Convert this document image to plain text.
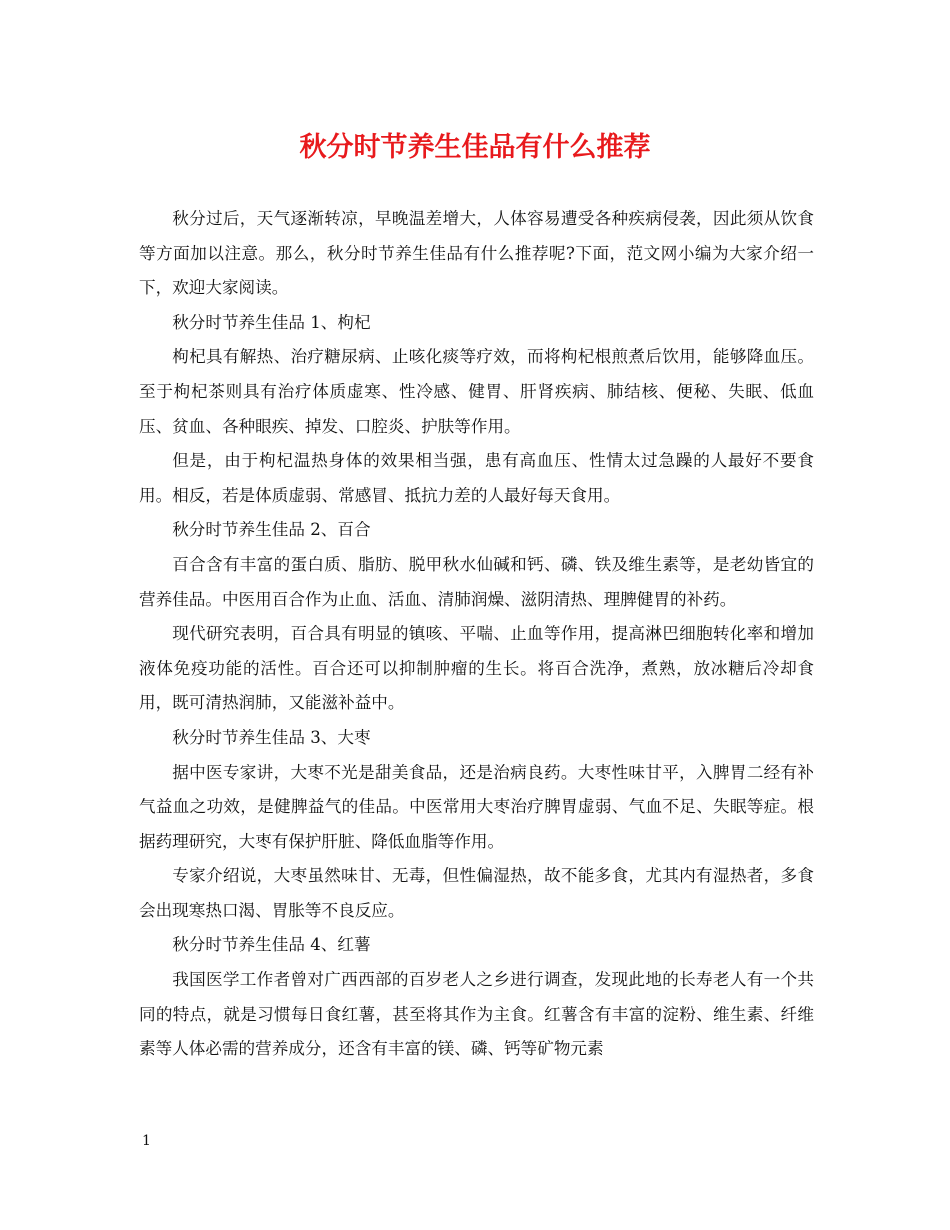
秋分时节养生佳品有什么推荐

秋分过后，天气逐渐转凉，早晚温差增大，人体容易遭受各种疾病侵袭，因此须从饮食等方面加以注意。那么，秋分时节养生佳品有什么推荐呢?下面，范文网小编为大家介绍一下，欢迎大家阅读。

秋分时节养生佳品 1、枸杞

枸杞具有解热、治疗糖尿病、止咳化痰等疗效，而将枸杞根煎煮后饮用，能够降血压。至于枸杞茶则具有治疗体质虚寒、性冷感、健胃、肝肾疾病、肺结核、便秘、失眠、低血压、贫血、各种眼疾、掉发、口腔炎、护肤等作用。

但是，由于枸杞温热身体的效果相当强，患有高血压、性情太过急躁的人最好不要食用。相反，若是体质虚弱、常感冒、抵抗力差的人最好每天食用。

秋分时节养生佳品 2、百合

百合含有丰富的蛋白质、脂肪、脱甲秋水仙碱和钙、磷、铁及维生素等，是老幼皆宜的营养佳品。中医用百合作为止血、活血、清肺润燥、滋阴清热、理脾健胃的补药。

现代研究表明，百合具有明显的镇咳、平喘、止血等作用，提高淋巴细胞转化率和增加液体免疫功能的活性。百合还可以抑制肿瘤的生长。将百合洗净，煮熟，放冰糖后冷却食用，既可清热润肺，又能滋补益中。

秋分时节养生佳品 3、大枣

据中医专家讲，大枣不光是甜美食品，还是治病良药。大枣性味甘平，入脾胃二经有补气益血之功效，是健脾益气的佳品。中医常用大枣治疗脾胃虚弱、气血不足、失眠等症。根据药理研究，大枣有保护肝脏、降低血脂等作用。

专家介绍说，大枣虽然味甘、无毒，但性偏湿热，故不能多食，尤其内有湿热者，多食会出现寒热口渴、胃胀等不良反应。

秋分时节养生佳品 4、红薯

我国医学工作者曾对广西西部的百岁老人之乡进行调查，发现此地的长寿老人有一个共同的特点，就是习惯每日食红薯，甚至将其作为主食。红薯含有丰富的淀粉、维生素、纤维素等人体必需的营养成分，还含有丰富的镁、磷、钙等矿物元素

1
